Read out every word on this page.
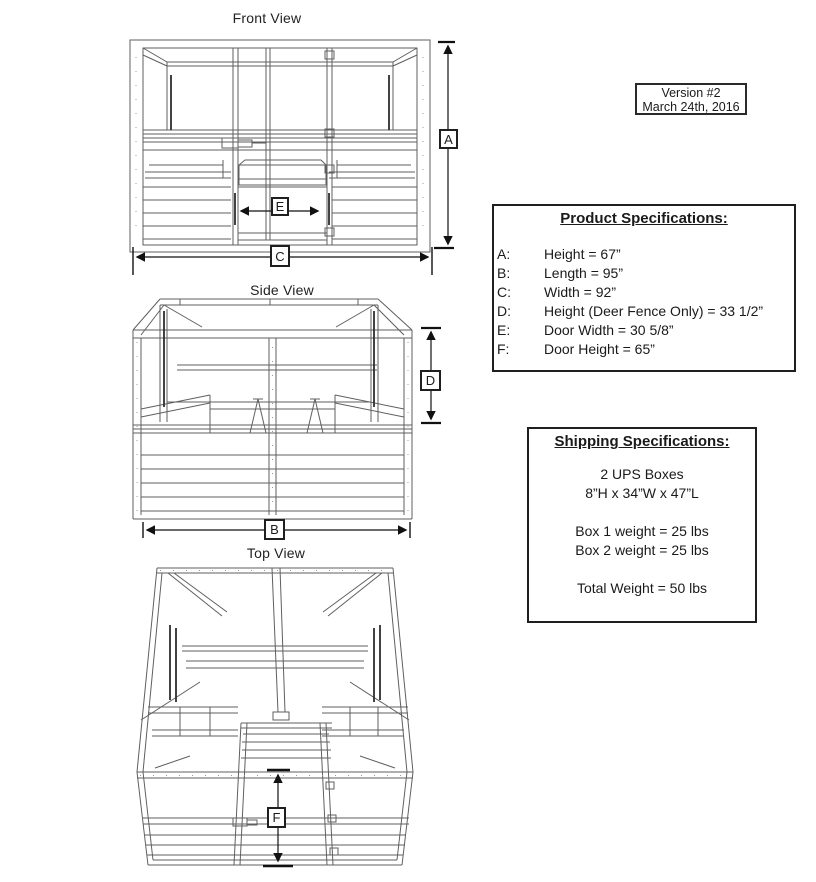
Front View
A
C
E
Side View
D
B
Top View
F
Version #2
March 24th, 2016
Product Specifications:
A:	Height = 67”
B:	Length = 95”
C:	Width = 92”
D:	Height (Deer Fence Only) = 33 1/2”
E:	Door Width = 30 5/8”
F:	Door Height = 65”
Shipping Specifications:
2 UPS Boxes
8”H x 34”W x 47”L
Box 1 weight = 25 lbs
Box 2 weight = 25 lbs
Total Weight = 50 lbs
